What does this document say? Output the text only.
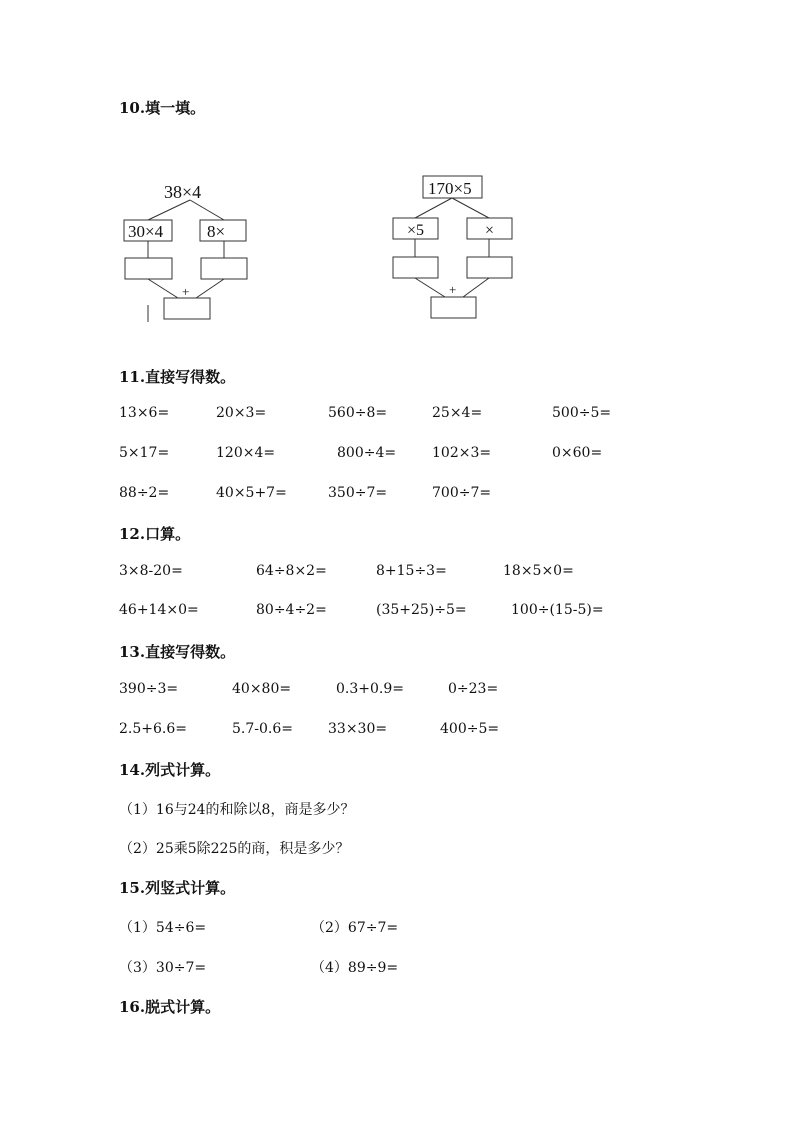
10.填一填。
38×4
30×4	8×
+
170×5
×5	×
+
11.直接写得数。
13×6=	20×3=	560÷8=	25×4=	500÷5=
5×17=	120×4=	800÷4=	102×3=	0×60=
88÷2=	40×5+7=	350÷7=	700÷7=
12.口算。
3×8-20=	64÷8×2=	8+15÷3=	18×5×0=
46+14×0=	80÷4÷2=	(35+25)÷5=	100÷(15-5)=
13.直接写得数。
390÷3=	40×80=	0.3+0.9=	0÷23=
2.5+6.6=	5.7-0.6=	33×30=	400÷5=
14.列式计算。
（1）16与24的和除以8，商是多少？
（2）25乘5除225的商，积是多少？
15.列竖式计算。
（1）54÷6=	（2）67÷7=
（3）30÷7=	（4）89÷9=
16.脱式计算。
